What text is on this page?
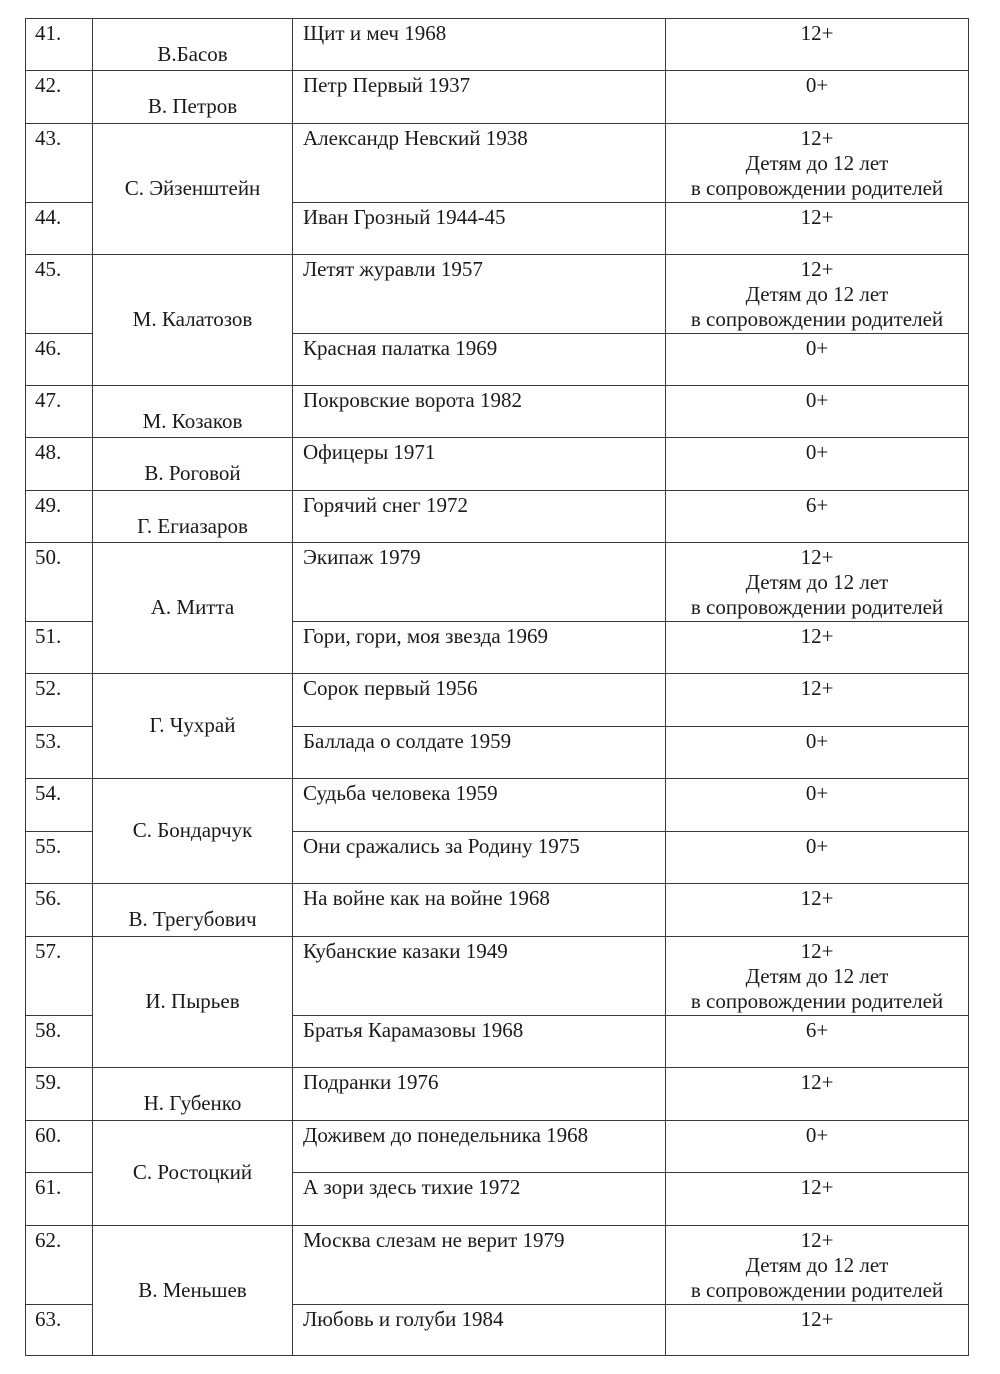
41.	В.Басов	Щит и меч 1968	12+

42.	В. Петров	Петр Первый 1937	0+

43.	С. Эйзенштейн	Александр Невский 1938	12+
Детям до 12 лет
в сопровождении родителей

44.		Иван Грозный 1944-45	12+

45.	М. Калатозов	Летят журавли 1957	12+
Детям до 12 лет
в сопровождении родителей

46.		Красная палатка 1969	0+

47.	М. Козаков	Покровские ворота 1982	0+

48.	В. Роговой	Офицеры 1971	0+

49.	Г. Егиазаров	Горячий снег 1972	6+

50.	А. Митта	Экипаж 1979	12+
Детям до 12 лет
в сопровождении родителей

51.		Гори, гори, моя звезда 1969	12+

52.	Г. Чухрай	Сорок первый 1956	12+

53.		Баллада о солдате 1959	0+

54.	С. Бондарчук	Судьба человека 1959	0+

55.		Они сражались за Родину 1975	0+

56.	В. Трегубович	На войне как на войне 1968	12+

57.	И. Пырьев	Кубанские казаки 1949	12+
Детям до 12 лет
в сопровождении родителей

58.		Братья Карамазовы 1968	6+

59.	Н. Губенко	Подранки 1976	12+

60.	С. Ростоцкий	Доживем до понедельника 1968	0+

61.		А зори здесь тихие 1972	12+

62.	В. Меньшев	Москва слезам не верит 1979	12+
Детям до 12 лет
в сопровождении родителей

63.		Любовь и голуби 1984	12+
